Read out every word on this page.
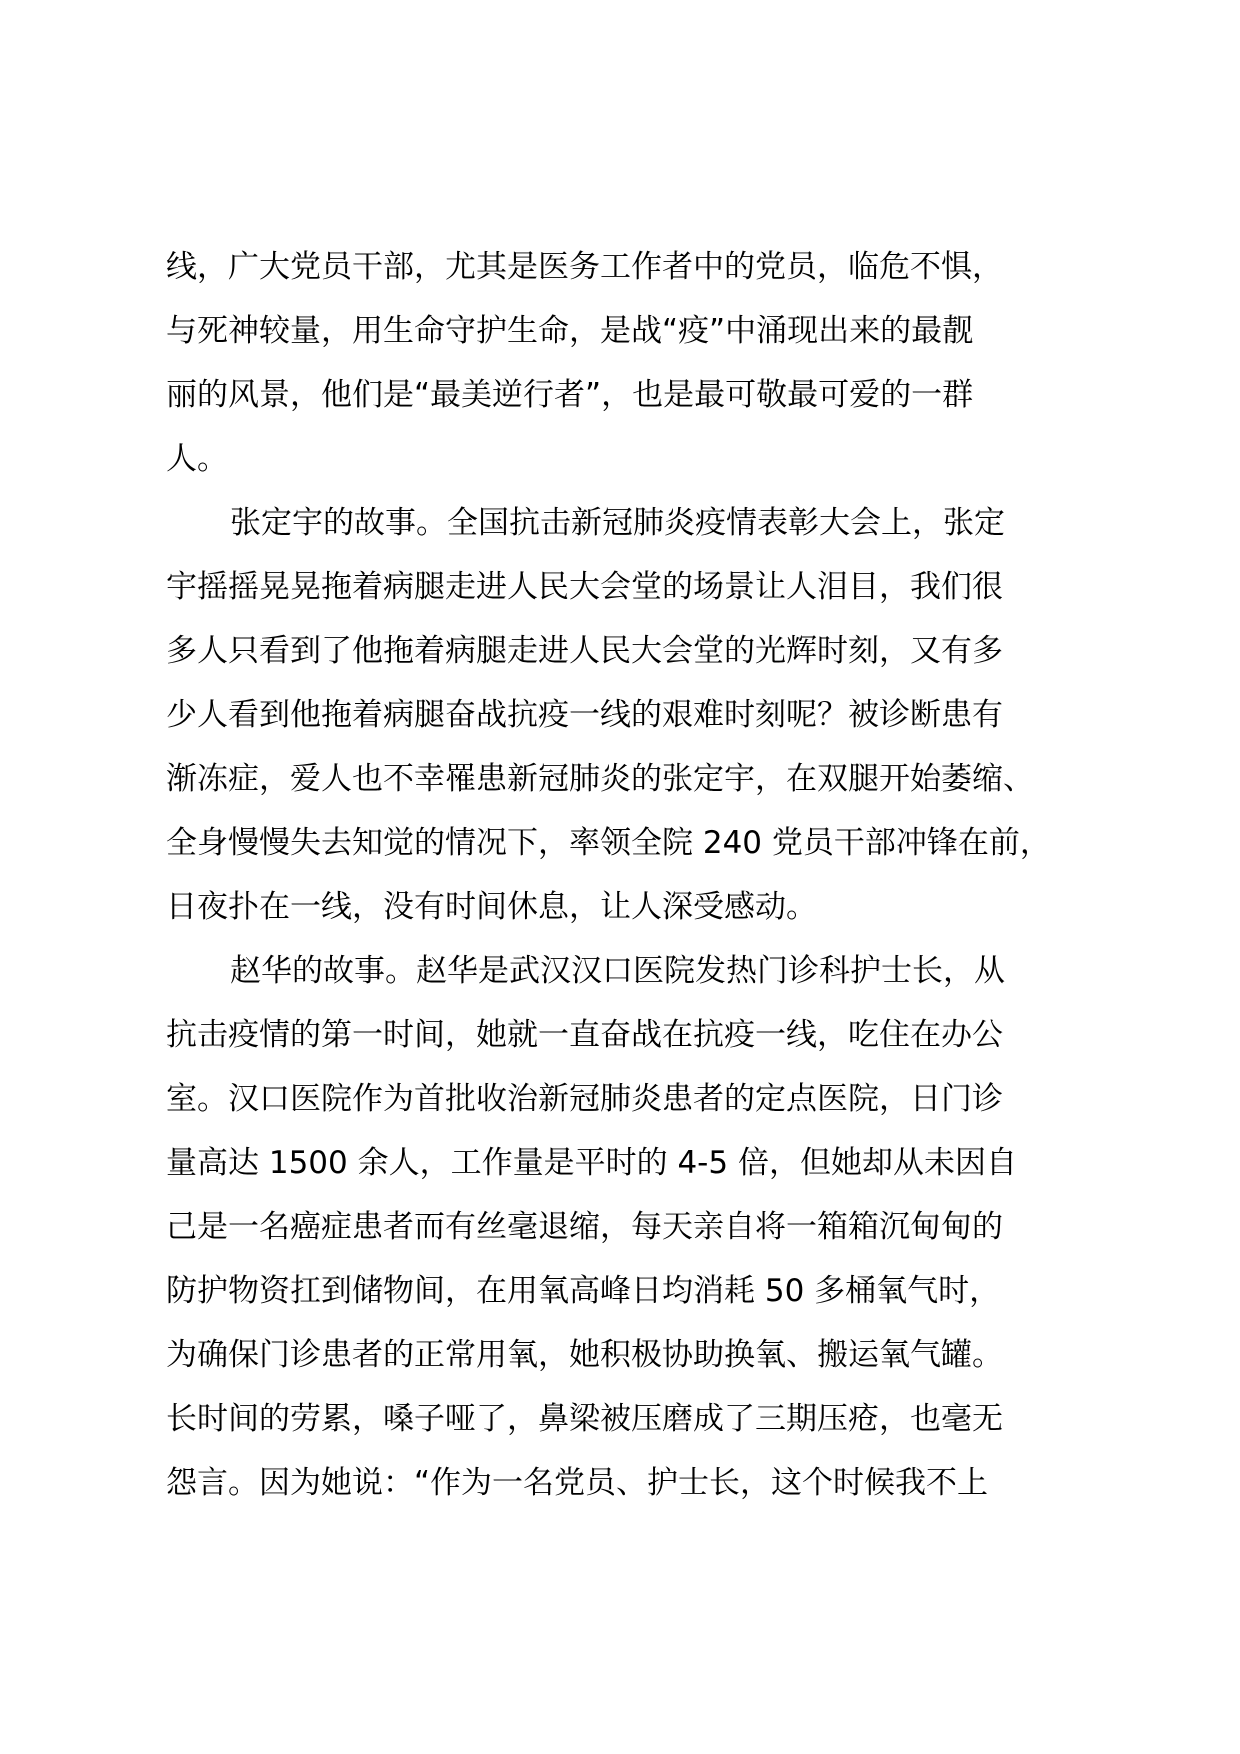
线，广大党员干部，尤其是医务工作者中的党员，临危不惧，
与死神较量，用生命守护生命，是战“疫”中涌现出来的最靓
丽的风景，他们是“最美逆行者”，也是最可敬最可爱的一群
人。
张定宇的故事。全国抗击新冠肺炎疫情表彰大会上，张定
宇摇摇晃晃拖着病腿走进人民大会堂的场景让人泪目，我们很
多人只看到了他拖着病腿走进人民大会堂的光辉时刻，又有多
少人看到他拖着病腿奋战抗疫一线的艰难时刻呢？被诊断患有
渐冻症，爱人也不幸罹患新冠肺炎的张定宇，在双腿开始萎缩、
全身慢慢失去知觉的情况下，率领全院 240 党员干部冲锋在前，
日夜扑在一线，没有时间休息，让人深受感动。
赵华的故事。赵华是武汉汉口医院发热门诊科护士长，从
抗击疫情的第一时间，她就一直奋战在抗疫一线，吃住在办公
室。汉口医院作为首批收治新冠肺炎患者的定点医院，日门诊
量高达 1500 余人，工作量是平时的 4-5 倍，但她却从未因自
己是一名癌症患者而有丝毫退缩，每天亲自将一箱箱沉甸甸的
防护物资扛到储物间，在用氧高峰日均消耗 50 多桶氧气时，
为确保门诊患者的正常用氧，她积极协助换氧、搬运氧气罐。
长时间的劳累，嗓子哑了，鼻梁被压磨成了三期压疮，也毫无
怨言。因为她说：“作为一名党员、护士长，这个时候我不上
